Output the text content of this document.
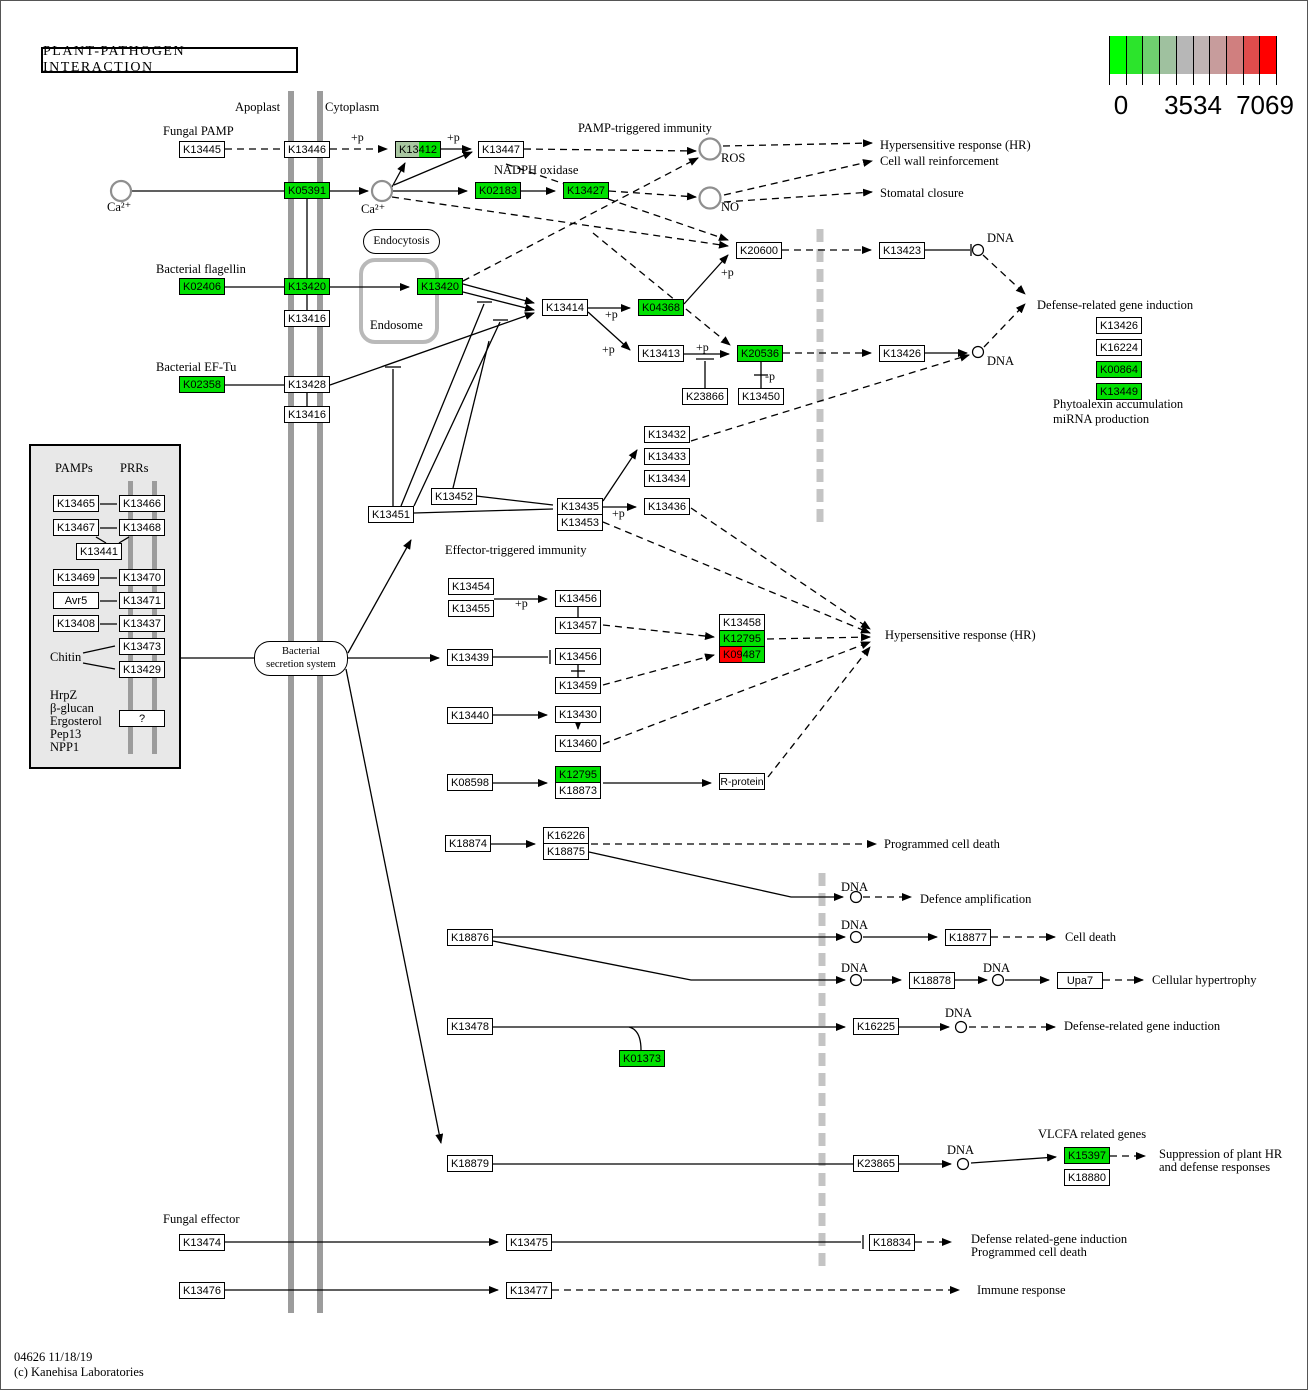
PLANT-PATHOGEN INTERACTION
0 3534 7069
Endocytosis
Bacterial
secretion system
K13445	K13446	K13412	K13447
K05391	K02183	K13427
K02406	K13420
K13416
K13420
K02358	K13428
K13416
K13414	K04368
K13413
K23866	K13450
K20536
K20600	K13423
K13426
K13426
K16224
K00864
K13449
K13465	K13466
K13467	K13468
K13441
K13469	K13470
Avr5	K13471
K13408	K13437
K13473
K13429
?
K13451
K13452
K13435
K13453
K13432
K13433
K13434
K13436
K13454
K13455
K13456
K13457
K13439	K13456
K13459
K13458
K12795
K09487
K13440	K13430
K13460
K08598
K12795
K18873
R-protein
K18874
K16226
K18875
K18876	K18877
K18878	Upa7
K13478	K16225
K01373
K18879	K23865
K15397
K18880
K13474	K13475	K18834
K13476	K13477
Apoplast	Cytoplasm
Fungal PAMP	PAMP-triggered immunity
NADPH oxidase
ROS
NO
Hypersensitive response (HR)
Cell wall reinforcement
Stomatal closure
Ca²⁺	Ca²⁺
Endosome
Bacterial flagellin
Bacterial EF-Tu
DNA
DNA
Defense-related gene induction
Phytoalexin accumulation
miRNA production
PAMPs PRRs
Chitin
HrpZ
β-glucan
Ergosterol
Pep13
NPP1
Effector-triggered immunity
Hypersensitive response (HR)
Programmed cell death
DNA
Defence amplification
DNA
Cell death
DNA	DNA
Cellular hypertrophy
DNA
Defense-related gene induction
VLCFA related genes
DNA	Suppression of plant HR
and defense responses
Fungal effector
Defense related-gene induction
Programmed cell death
Immune response
+p	+p
+p
+p	+p
+p
-p
+p
+p
04626 11/18/19
(c) Kanehisa Laboratories
